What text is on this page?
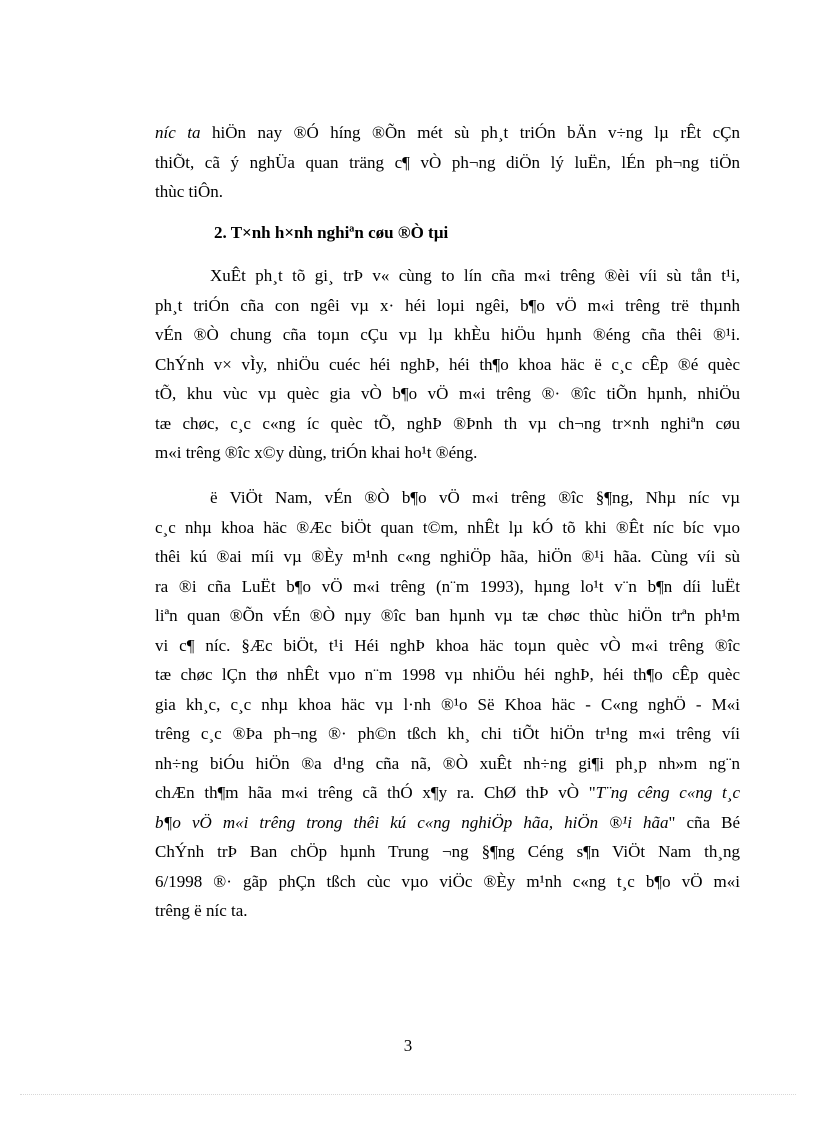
níc ta hiÖn nay ®Ó híng ®Õn mét sù ph¸t triÓn bÄn v÷ng lµ rÊt cÇn
thiÕt, cã ý nghÜa quan träng c¶ vÒ ph¬ng diÖn lý luËn, lÉn ph¬ng tiÖn
thùc tiÔn.

2. T×nh h×nh nghiªn cøu ®Ò tµi

XuÊt ph¸t tõ gi¸ trÞ v« cùng to lín cña m«i trêng ®èi víi sù tån t¹i,
ph¸t triÓn cña con ngêi vµ x· héi loµi ngêi, b¶o vÖ m«i trêng trë thµnh
vÉn ®Ò chung cña toµn cÇu vµ lµ khÈu hiÖu hµnh ®éng cña thêi ®¹i.
ChÝnh v× vÌy, nhiÖu cuéc héi nghÞ, héi th¶o khoa häc ë c¸c cÊp ®é quèc
tÕ, khu vùc vµ quèc gia vÒ b¶o vÖ m«i trêng ®· ®îc tiÕn hµnh, nhiÖu
tæ chøc, c¸c c«ng íc quèc tÕ, nghÞ ®Þnh th vµ ch¬ng tr×nh nghiªn cøu
m«i trêng ®îc x©y dùng, triÓn khai ho¹t ®éng.
ë ViÖt Nam, vÉn ®Ò b¶o vÖ m«i trêng ®îc §¶ng, Nhµ níc vµ
c¸c nhµ khoa häc ®Æc biÖt quan t©m, nhÊt lµ kÓ tõ khi ®Êt níc bíc vµo
thêi kú ®ai míi vµ ®Èy m¹nh c«ng nghiÖp hãa, hiÖn ®¹i hãa. Cùng víi sù
ra ®i cña LuËt b¶o vÖ m«i trêng (n¨m 1993), hµng lo¹t v¨n b¶n díi luËt
liªn quan ®Õn vÉn ®Ò nµy ®îc ban hµnh vµ tæ chøc thùc hiÖn trªn ph¹m
vi c¶ níc. §Æc biÖt, t¹i Héi nghÞ khoa häc toµn quèc vÒ m«i trêng ®îc
tæ chøc lÇn thø nhÊt vµo n¨m 1998 vµ nhiÖu héi nghÞ, héi th¶o cÊp quèc
gia kh¸c, c¸c nhµ khoa häc vµ l·nh ®¹o Së Khoa häc - C«ng nghÖ - M«i
trêng c¸c ®Þa ph¬ng ®· ph©n tßch kh¸ chi tiÕt hiÖn tr¹ng m«i trêng víi
nh÷ng biÓu hiÖn ®a d¹ng cña nã, ®Ò xuÊt nh÷ng gi¶i ph¸p nh»m ng¨n
chÆn th¶m hãa m«i trêng cã thÓ x¶y ra. ChØ thÞ vÒ "T¨ng cêng c«ng t¸c
b¶o vÖ m«i trêng trong thêi kú c«ng nghiÖp hãa, hiÖn ®¹i hãa" cña Bé
ChÝnh trÞ Ban chÖp hµnh Trung ¬ng §¶ng Céng s¶n ViÖt Nam th¸ng
6/1998 ®· gãp phÇn tßch cùc vµo viÖc ®Èy m¹nh c«ng t¸c b¶o vÖ m«i
trêng ë níc ta.

3
